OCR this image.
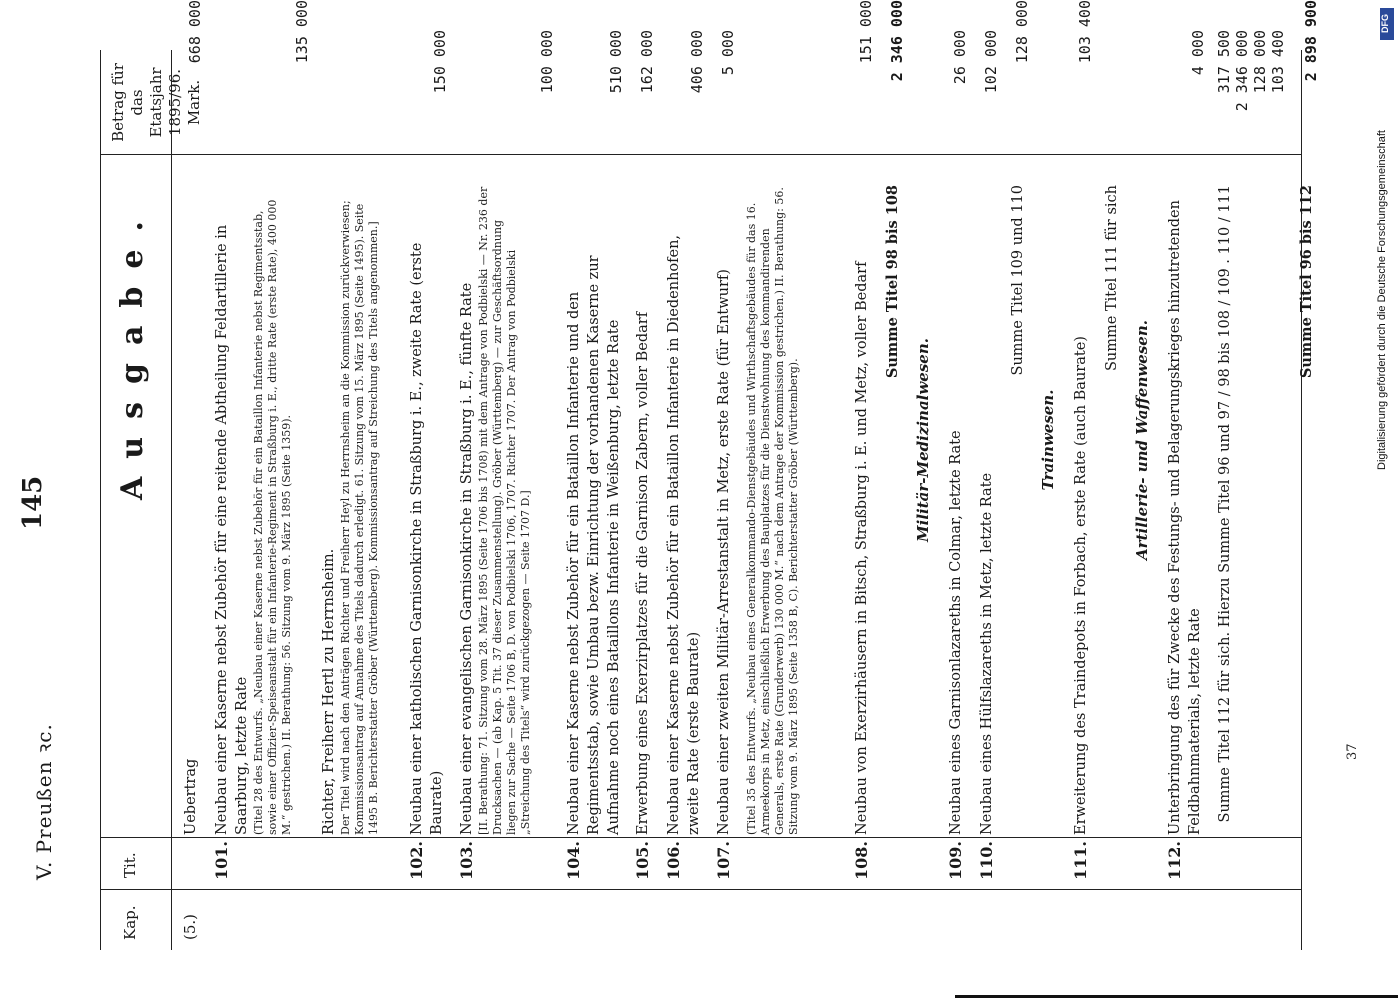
V. Preußen ꝛc.
145
Ausgabe.
Kap.
Tit.
Betrag für das Etatsjahr 1895/96. Mark.
(5.)
Uebertrag
668 000
101.
Neubau einer Kaserne nebst Zubehör für eine reitende Abtheilung Feldartillerie in Saarburg, letzte Rate (Titel 28 des Entwurfs. „Neubau einer Kaserne nebst Zubehör für ein Bataillon Infanterie nebst Regimentsstab, sowie einer Offizier-Speiseanstalt für ein Infanterie-Regiment in Straßburg i. E., dritte Rate (erste Rate), 400 000 M.“ gestrichen.) II. Berathung: 56. Sitzung vom 9. März 1895 (Seite 1359).
135 000
Richter, Freiherr Hertl zu Herrnsheim. Der Titel wird nach den Anträgen Richter und Freiherr Heyl zu Herrnsheim an die Kommission zurückverwiesen; Kommissionsantrag auf Annahme des Titels dadurch erledigt. 61. Sitzung vom 15. März 1895 (Seite 1495). Seite 1495 B. Berichterstatter Gröber (Württemberg). Kommissionsantrag auf Streichung des Titels angenommen.]
102.
Neubau einer katholischen Garnisonkirche in Straßburg i. E., zweite Rate (erste Baurate)
150 000
103.
Neubau einer evangelischen Garnisonkirche in Straßburg i. E., fünfte Rate [II. Berathung: 71. Sitzung vom 28. März 1895 (Seite 1706 bis 1708) mit dem Antrage von Podbielski — Nr. 236 der Drucksachen — (ab Kap. 5 Tit. 37 dieser Zusammenstellung). Gröber (Württemberg) — zur Geschäftsordnung liegen zur Sache — Seite 1706 B, D. von Podbielski 1706, 1707. Richter 1707. Der Antrag von Podbielski „Streichung des Titels“ wird zurückgezogen — Seite 1707 D.]
100 000
104.
Neubau einer Kaserne nebst Zubehör für ein Bataillon Infanterie und den Regimentsstab, sowie Umbau bezw. Einrichtung der vorhandenen Kaserne zur Aufnahme noch eines Bataillons Infanterie in Weißenburg, letzte Rate
510 000
105.
Erwerbung eines Exerzirplatzes für die Garnison Zabern, voller Bedarf
162 000
106.
Neubau einer Kaserne nebst Zubehör für ein Bataillon Infanterie in Diedenhofen, zweite Rate (erste Baurate)
406 000
107.
Neubau einer zweiten Militär-Arrestanstalt in Metz, erste Rate (für Entwurf)
5 000
(Titel 35 des Entwurfs. „Neubau eines Generalkommando-Dienstgebäudes und Wirthschaftsgebäudes für das 16. Armeekorps in Metz, einschließlich Erwerbung des Bauplatzes für die Dienstwohnung des kommandirenden Generals, erste Rate (Grunderwerb) 130 000 M.“ nach dem Antrage der Kommission gestrichen.) II. Berathung: 56. Sitzung vom 9. März 1895 (Seite 1358 B, C). Berichterstatter Gröber (Württemberg).
108.
Neubau von Exerzirhäusern in Bitsch, Straßburg i. E. und Metz, voller Bedarf
151 000
Summe Titel 98 bis 108
2 346 000
Militär-Medizinalwesen.
109.
Neubau eines Garnisonlazareths in Colmar, letzte Rate
26 000
110.
Neubau eines Hülfslazareths in Metz, letzte Rate
102 000
Summe Titel 109 und 110
128 000
Trainwesen.
111.
Erweiterung des Traindepots in Forbach, erste Rate (auch Baurate)
103 400
Summe Titel 111 für sich
Artillerie- und Waffenwesen.
112.
Unterbringung des für Zwecke des Festungs- und Belagerungskrieges hinzutretenden Feldbahnmaterials, letzte Rate
4 000
Summe Titel 112 für sich. Hierzu Summe Titel 96 und 97 / 98 bis 108 / 109 . 110 / 111
317 500 2 346 000 128 000 103 400
Summe Titel 96 bis 112
2 898 900
37
Digitalisierung gefördert durch die Deutsche Forschungsgemeinschaft
DFG
